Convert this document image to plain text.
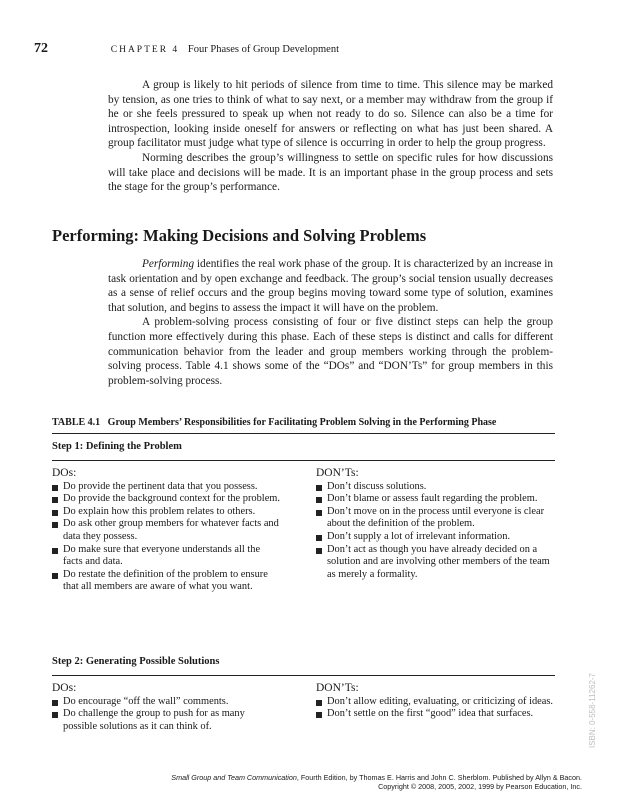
72	CHAPTER 4 Four Phases of Group Development

A group is likely to hit periods of silence from time to time. This silence may be marked by tension, as one tries to think of what to say next, or a member may withdraw from the group if he or she feels pressured to speak up when not ready to do so. Silence can also be a time for introspection, looking inside oneself for answers or reflecting on what has just been shared. A group facilitator must judge what type of silence is occurring in order to help the group progress.

Norming describes the group’s willingness to settle on specific rules for how discussions will take place and decisions will be made. It is an important phase in the group process and sets the stage for the group’s performance.

Performing: Making Decisions and Solving Problems

Performing identifies the real work phase of the group. It is characterized by an increase in task orientation and by open exchange and feedback. The group’s social tension usually decreases as a sense of relief occurs and the group begins moving toward some type of solution, examines that solution, and begins to assess the impact it will have on the problem.

A problem-solving process consisting of four or five distinct steps can help the group function more effectively during this phase. Each of these steps is distinct and calls for different communication behavior from the leader and group members working through the problem-solving process. Table 4.1 shows some of the “DOs” and “DON’Ts” for group members in this problem-solving process.

TABLE 4.1 Group Members’ Responsibilities for Facilitating Problem Solving in the Performing Phase
Step 1: Defining the Problem
DOs:
Do provide the pertinent data that you possess.
Do provide the background context for the problem.
Do explain how this problem relates to others.
Do ask other group members for whatever facts and data they possess.
Do make sure that everyone understands all the facts and data.
Do restate the definition of the problem to ensure that all members are aware of what you want.
DON’Ts:
Don’t discuss solutions.
Don’t blame or assess fault regarding the problem.
Don’t move on in the process until everyone is clear about the definition of the problem.
Don’t supply a lot of irrelevant information.
Don’t act as though you have already decided on a solution and are involving other members of the team as merely a formality.
Step 2: Generating Possible Solutions
DOs:
Do encourage “off the wall” comments.
Do challenge the group to push for as many possible solutions as it can think of.
DON’Ts:
Don’t allow editing, evaluating, or criticizing of ideas.
Don’t settle on the first “good” idea that surfaces.	ISBN: 0-558-11262-7
Small Group and Team Communication, Fourth Edition, by Thomas E. Harris and John C. Sherblom. Published by Allyn & Bacon.
Copyright © 2008, 2005, 2002, 1999 by Pearson Education, Inc.
